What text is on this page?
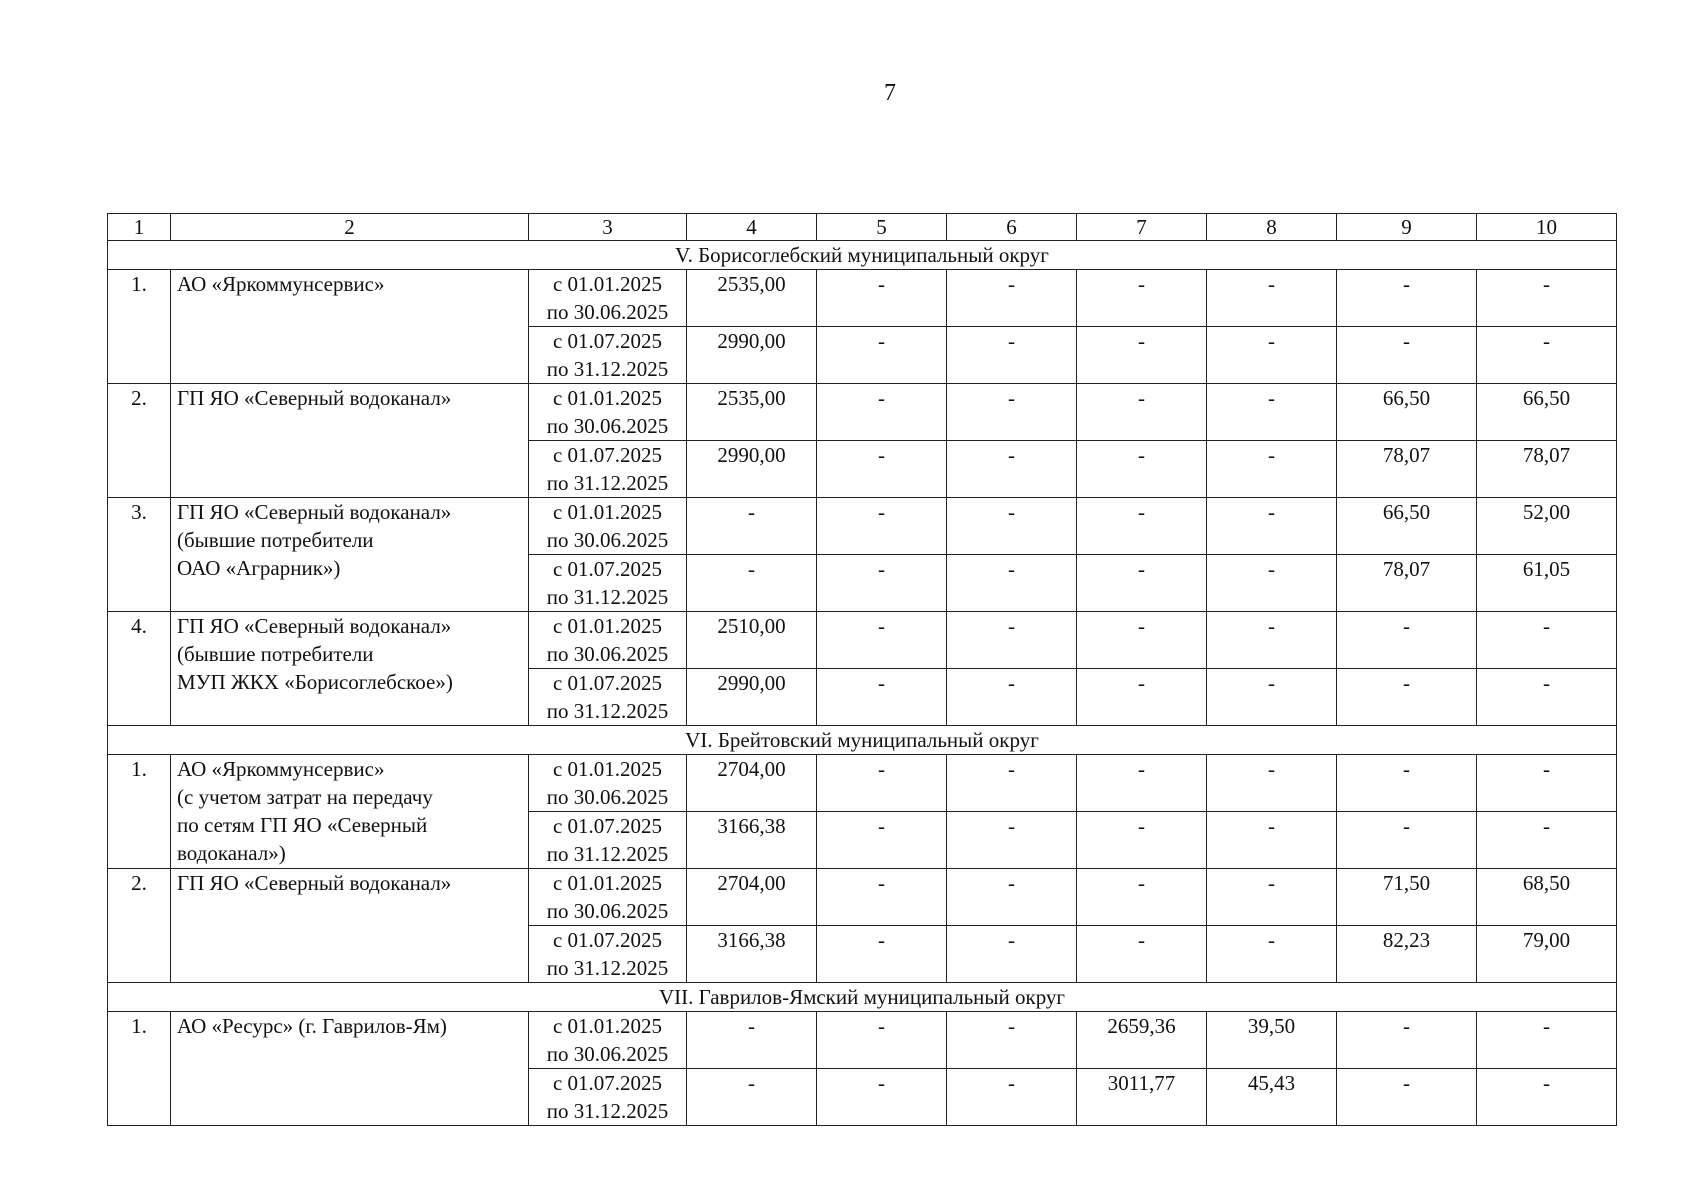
7
1	2	3	4	5	6	7	8	9	10
V. Борисоглебский муниципальный округ									
1.	АО «Яркоммунсервис»	с 01.01.2025
по 30.06.2025	2535,00	-	-	-	-	-	-
		с 01.07.2025
по 31.12.2025	2990,00	-	-	-	-	-	-
2.	ГП ЯО «Северный водоканал»	с 01.01.2025
по 30.06.2025	2535,00	-	-	-	-	66,50	66,50
		с 01.07.2025
по 31.12.2025	2990,00	-	-	-	-	78,07	78,07
3.	ГП ЯО «Северный водоканал»
(бывшие потребители
ОАО «Аграрник»)	с 01.01.2025
по 30.06.2025	-	-	-	-	-	66,50	52,00
		с 01.07.2025
по 31.12.2025	-	-	-	-	-	78,07	61,05
4.	ГП ЯО «Северный водоканал»
(бывшие потребители
МУП ЖКХ «Борисоглебское»)	с 01.01.2025
по 30.06.2025	2510,00	-	-	-	-	-	-
		с 01.07.2025
по 31.12.2025	2990,00	-	-	-	-	-	-
VI. Брейтовский муниципальный округ									
1.	АО «Яркоммунсервис»
(с учетом затрат на передачу
по сетям ГП ЯО «Северный
водоканал»)	с 01.01.2025
по 30.06.2025	2704,00	-	-	-	-	-	-
		с 01.07.2025
по 31.12.2025	3166,38	-	-	-	-	-	-
2.	ГП ЯО «Северный водоканал»	с 01.01.2025
по 30.06.2025	2704,00	-	-	-	-	71,50	68,50
		с 01.07.2025
по 31.12.2025	3166,38	-	-	-	-	82,23	79,00
VII. Гаврилов-Ямский муниципальный округ									
1.	АО «Ресурс» (г. Гаврилов-Ям)	с 01.01.2025
по 30.06.2025	-	-	-	2659,36	39,50	-	-
		с 01.07.2025
по 31.12.2025	-	-	-	3011,77	45,43	-	-
